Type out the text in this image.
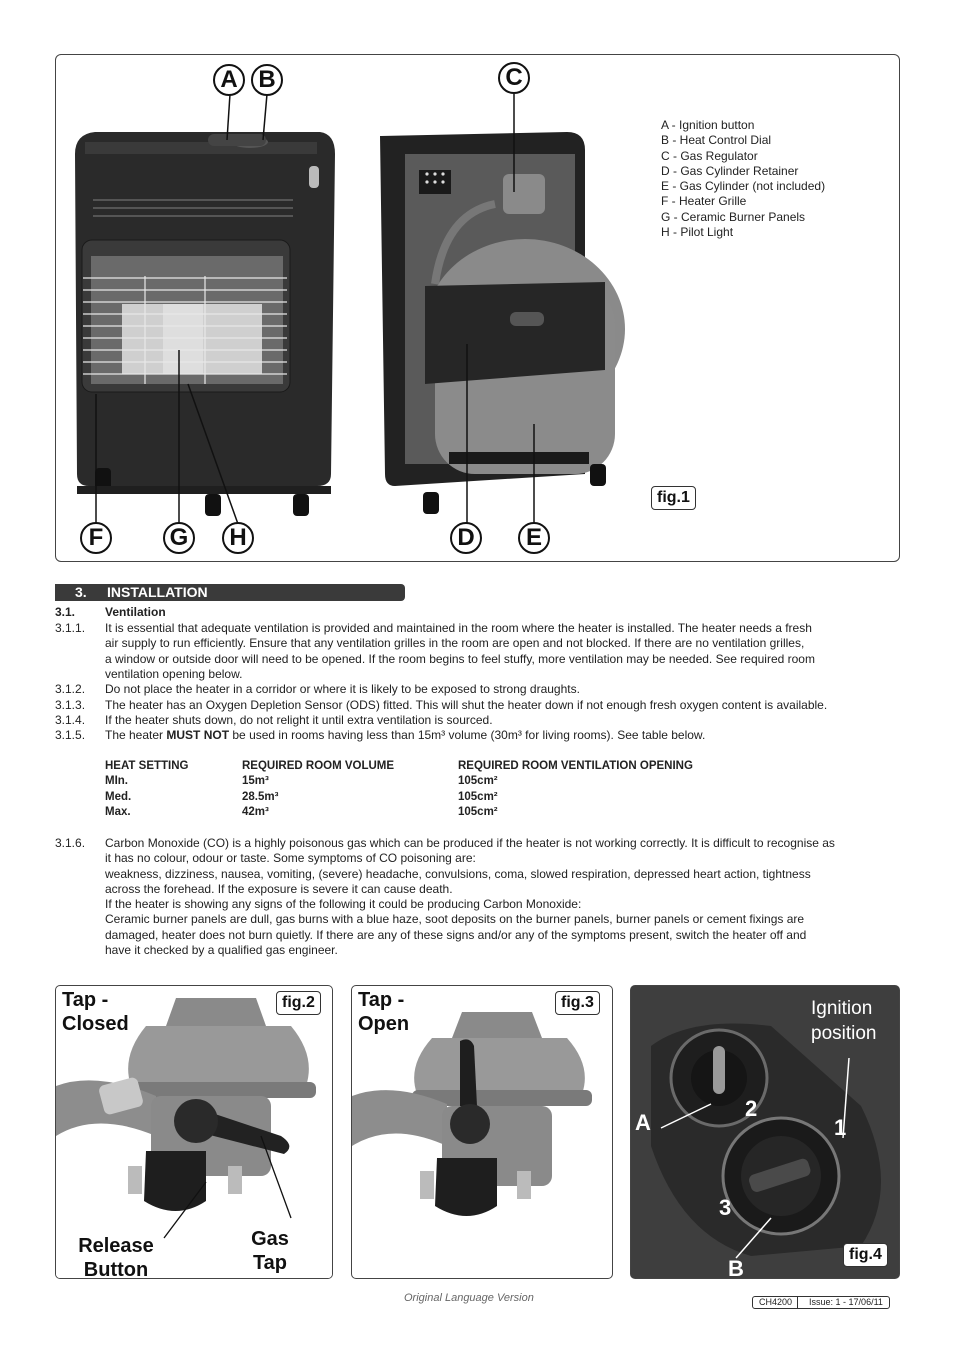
A B	C
D	E
F	G	H
A - Ignition button
B - Heat Control Dial
C - Gas Regulator
D - Gas Cylinder Retainer
E - Gas Cylinder (not included)
F - Heater Grille
G - Ceramic Burner Panels
H - Pilot Light
fig.1
3. INSTALLATION
3.1. Ventilation
3.1.1. It is essential that adequate ventilation is provided and maintained in the room where the heater is installed. The heater needs a fresh
air supply to run efficiently. Ensure that any ventilation grilles in the room are open and not blocked. If there are no ventilation grilles,
a window or outside door will need to be opened. If the room begins to feel stuffy, more ventilation may be needed. See required room
ventilation opening below.
3.1.2. Do not place the heater in a corridor or where it is likely to be exposed to strong draughts.
3.1.3. The heater has an Oxygen Depletion Sensor (ODS) fitted. This will shut the heater down if not enough fresh oxygen content is available.
3.1.4. If the heater shuts down, do not relight it until extra ventilation is sourced.
3.1.5. The heater MUST NOT be used in rooms having less than 15m³ volume (30m³ for living rooms). See table below.
HEAT SETTING	REQUIRED ROOM VOLUME	REQUIRED ROOM VENTILATION OPENING
MIn.	15m³	105cm²
Med.	28.5m³	105cm²
Max.	42m³	105cm²
3.1.6. Carbon Monoxide (CO) is a highly poisonous gas which can be produced if the heater is not working correctly. It is difficult to recognise as
it has no colour, odour or taste. Some symptoms of CO poisoning are:
weakness, dizziness, nausea, vomiting, (severe) headache, convulsions, coma, slowed respiration, depressed heart action, tightness
across the forehead. If the exposure is severe it can cause death.
If the heater is showing any signs of the following it could be producing Carbon Monoxide:
Ceramic burner panels are dull, gas burns with a blue haze, soot deposits on the burner panels, burner panels or cement fixings are
damaged, heater does not burn quietly. If there are any of these signs and/or any of the symptoms present, switch the heater off and
have it checked by a qualified gas engineer.
Tap -
Closed
Release
Button
Gas
Tap
fig.2	Tap -
Open
fig.3	Ignition
position
A
2
1
3
B
fig.4
Original Language Version	CH4200 Issue: 1 - 17/06/11
